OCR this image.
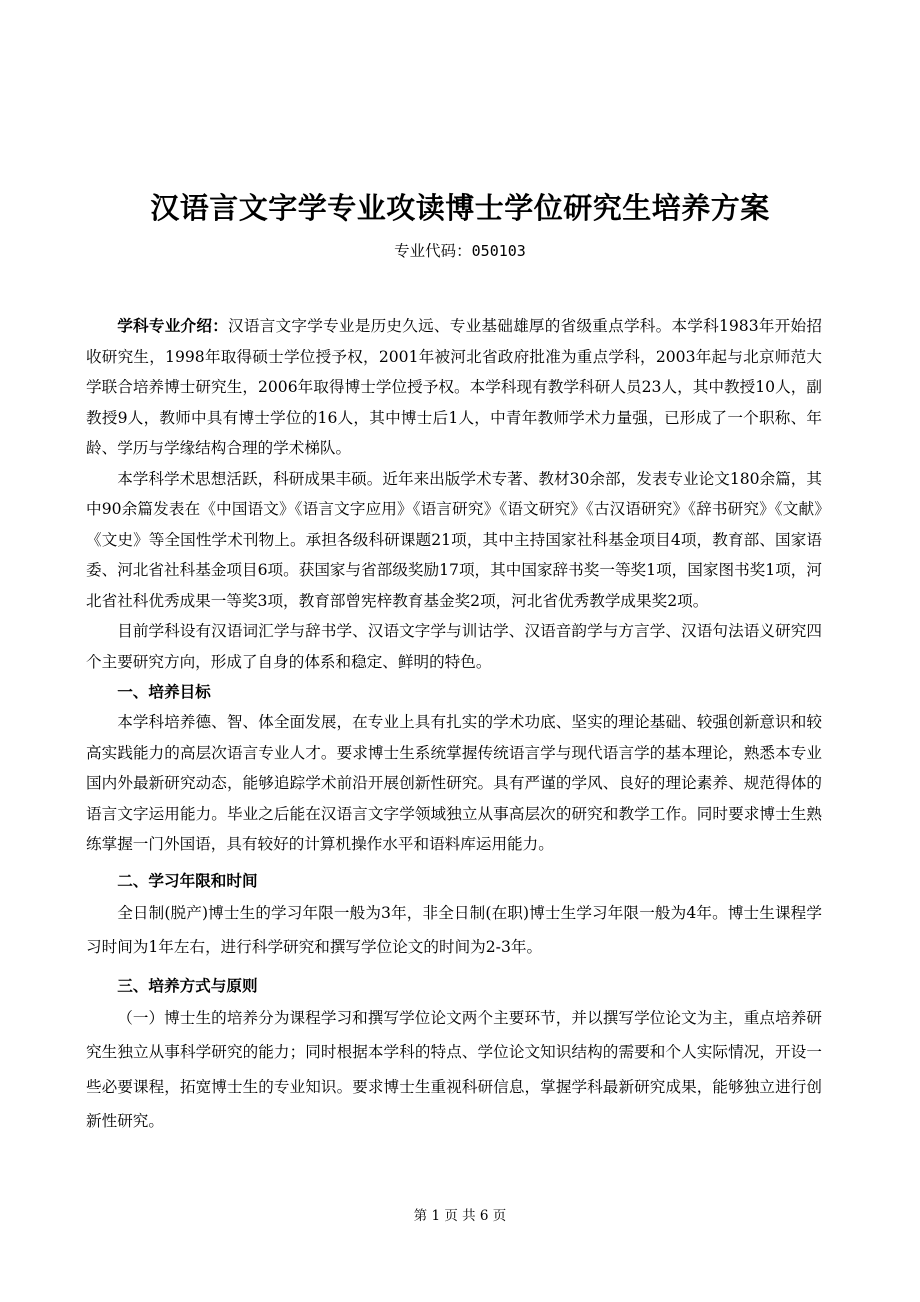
汉语言文字学专业攻读博士学位研究生培养方案
专业代码：050103

学科专业介绍：汉语言文字学专业是历史久远、专业基础雄厚的省级重点学科。本学科1983年开始招收研究生，1998年取得硕士学位授予权，2001年被河北省政府批准为重点学科，2003年起与北京师范大学联合培养博士研究生，2006年取得博士学位授予权。本学科现有教学科研人员23人，其中教授10人，副教授9人，教师中具有博士学位的16人，其中博士后1人，中青年教师学术力量强，已形成了一个职称、年龄、学历与学缘结构合理的学术梯队。

本学科学术思想活跃，科研成果丰硕。近年来出版学术专著、教材30余部，发表专业论文180余篇，其中90余篇发表在《中国语文》《语言文字应用》《语言研究》《语文研究》《古汉语研究》《辞书研究》《文献》《文史》等全国性学术刊物上。承担各级科研课题21项，其中主持国家社科基金项目4项，教育部、国家语委、河北省社科基金项目6项。获国家与省部级奖励17项，其中国家辞书奖一等奖1项，国家图书奖1项，河北省社科优秀成果一等奖3项，教育部曾宪梓教育基金奖2项，河北省优秀教学成果奖2项。

目前学科设有汉语词汇学与辞书学、汉语文字学与训诂学、汉语音韵学与方言学、汉语句法语义研究四个主要研究方向，形成了自身的体系和稳定、鲜明的特色。

一、培养目标

本学科培养德、智、体全面发展，在专业上具有扎实的学术功底、坚实的理论基础、较强创新意识和较高实践能力的高层次语言专业人才。要求博士生系统掌握传统语言学与现代语言学的基本理论，熟悉本专业国内外最新研究动态，能够追踪学术前沿开展创新性研究。具有严谨的学风、良好的理论素养、规范得体的语言文字运用能力。毕业之后能在汉语言文字学领域独立从事高层次的研究和教学工作。同时要求博士生熟练掌握一门外国语，具有较好的计算机操作水平和语料库运用能力。

二、学习年限和时间

全日制(脱产)博士生的学习年限一般为3年，非全日制(在职)博士生学习年限一般为4年。博士生课程学习时间为1年左右，进行科学研究和撰写学位论文的时间为2-3年。

三、培养方式与原则

（一）博士生的培养分为课程学习和撰写学位论文两个主要环节，并以撰写学位论文为主，重点培养研究生独立从事科学研究的能力；同时根据本学科的特点、学位论文知识结构的需要和个人实际情况，开设一些必要课程，拓宽博士生的专业知识。要求博士生重视科研信息，掌握学科最新研究成果，能够独立进行创新性研究。

第 1 页 共 6 页
